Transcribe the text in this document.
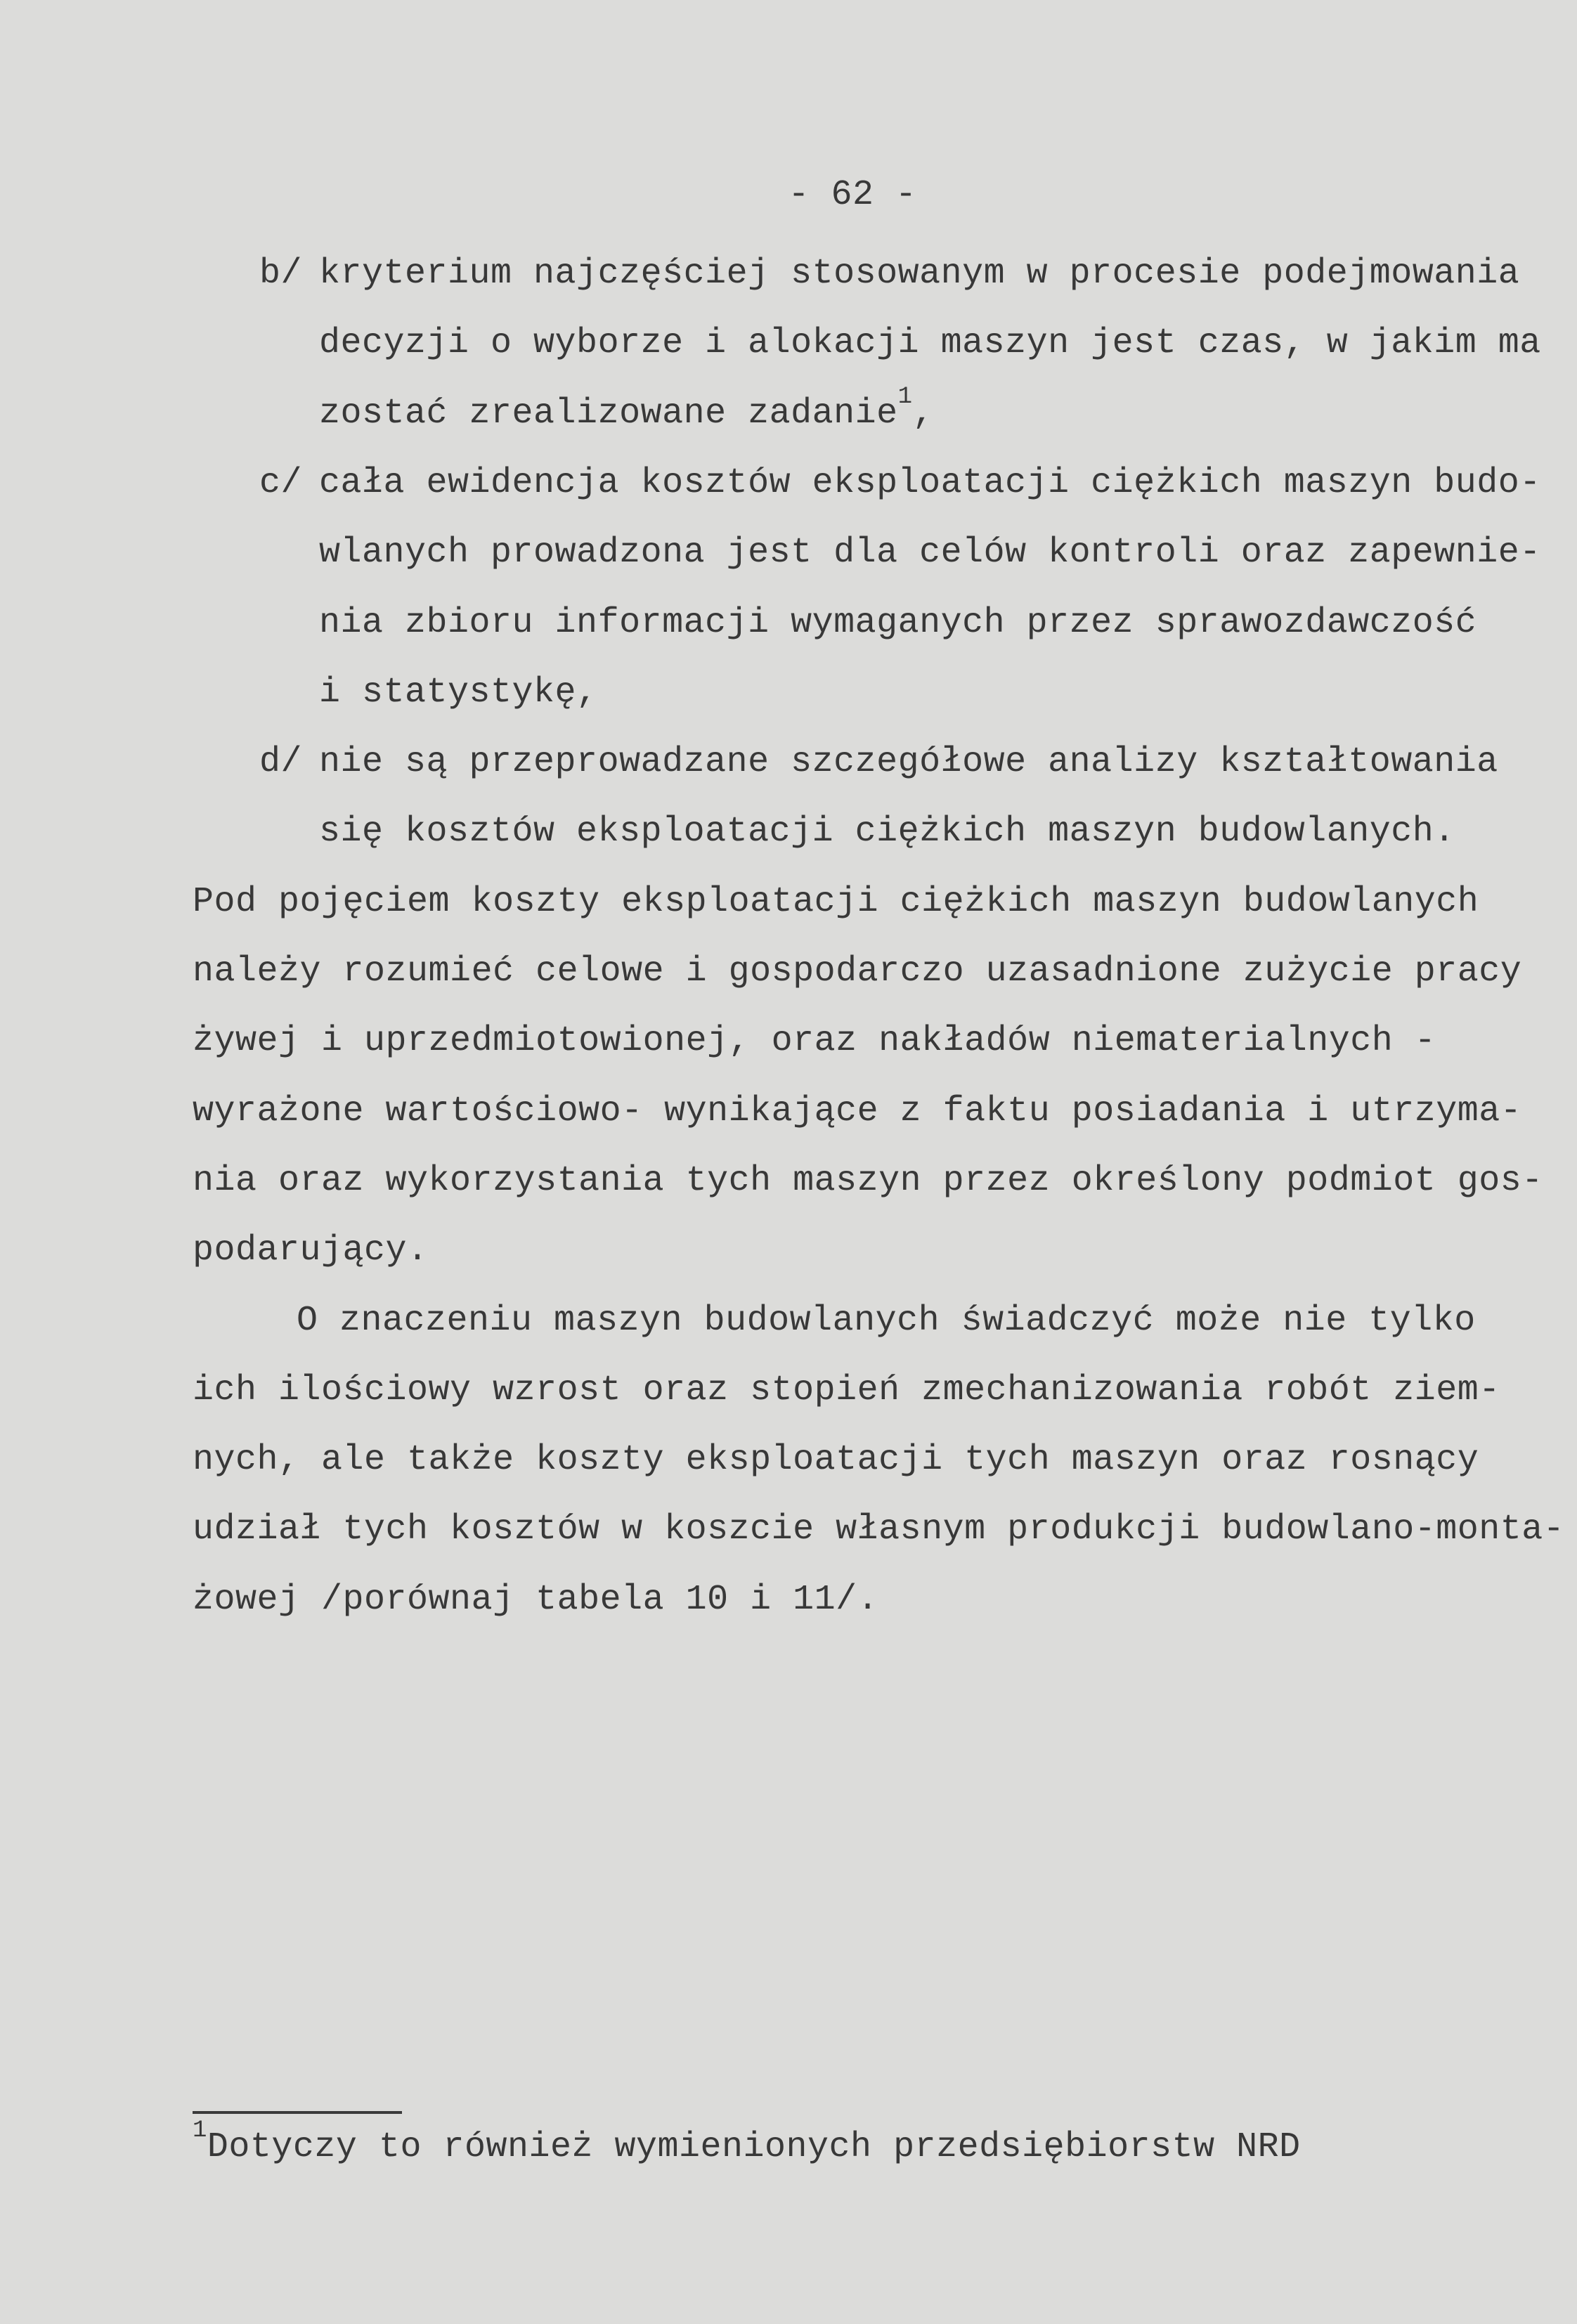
- 62 -
b/ kryterium najczęściej stosowanym w procesie podejmowania
decyzji o wyborze i alokacji maszyn jest czas, w jakim ma
zostać zrealizowane zadanie$^1$,
c/ cała ewidencja kosztów eksploatacji ciężkich maszyn budo-
wlanych prowadzona jest dla celów kontroli oraz zapewnie-
nia zbioru informacji wymaganych przez sprawozdawczość
i statystykę,
d/ nie są przeprowadzane szczegółowe analizy kształtowania
się kosztów eksploatacji ciężkich maszyn budowlanych.
Pod pojęciem koszty eksploatacji ciężkich maszyn budowlanych
należy rozumieć celowe i gospodarczo uzasadnione zużycie pracy
żywej i uprzedmiotowionej, oraz nakładów niematerialnych -
wyrażone wartościowo- wynikające z faktu posiadania i utrzyma-
nia oraz wykorzystania tych maszyn przez określony podmiot gos-
podarujący.
O znaczeniu maszyn budowlanych świadczyć może nie tylko
ich ilościowy wzrost oraz stopień zmechanizowania robót ziem-
nych, ale także koszty eksploatacji tych maszyn oraz rosnący
udział tych kosztów w koszcie własnym produkcji budowlano-monta-
żowej /porównaj tabela 10 i 11/.
$^1$Dotyczy to również wymienionych przedsiębiorstw NRD
